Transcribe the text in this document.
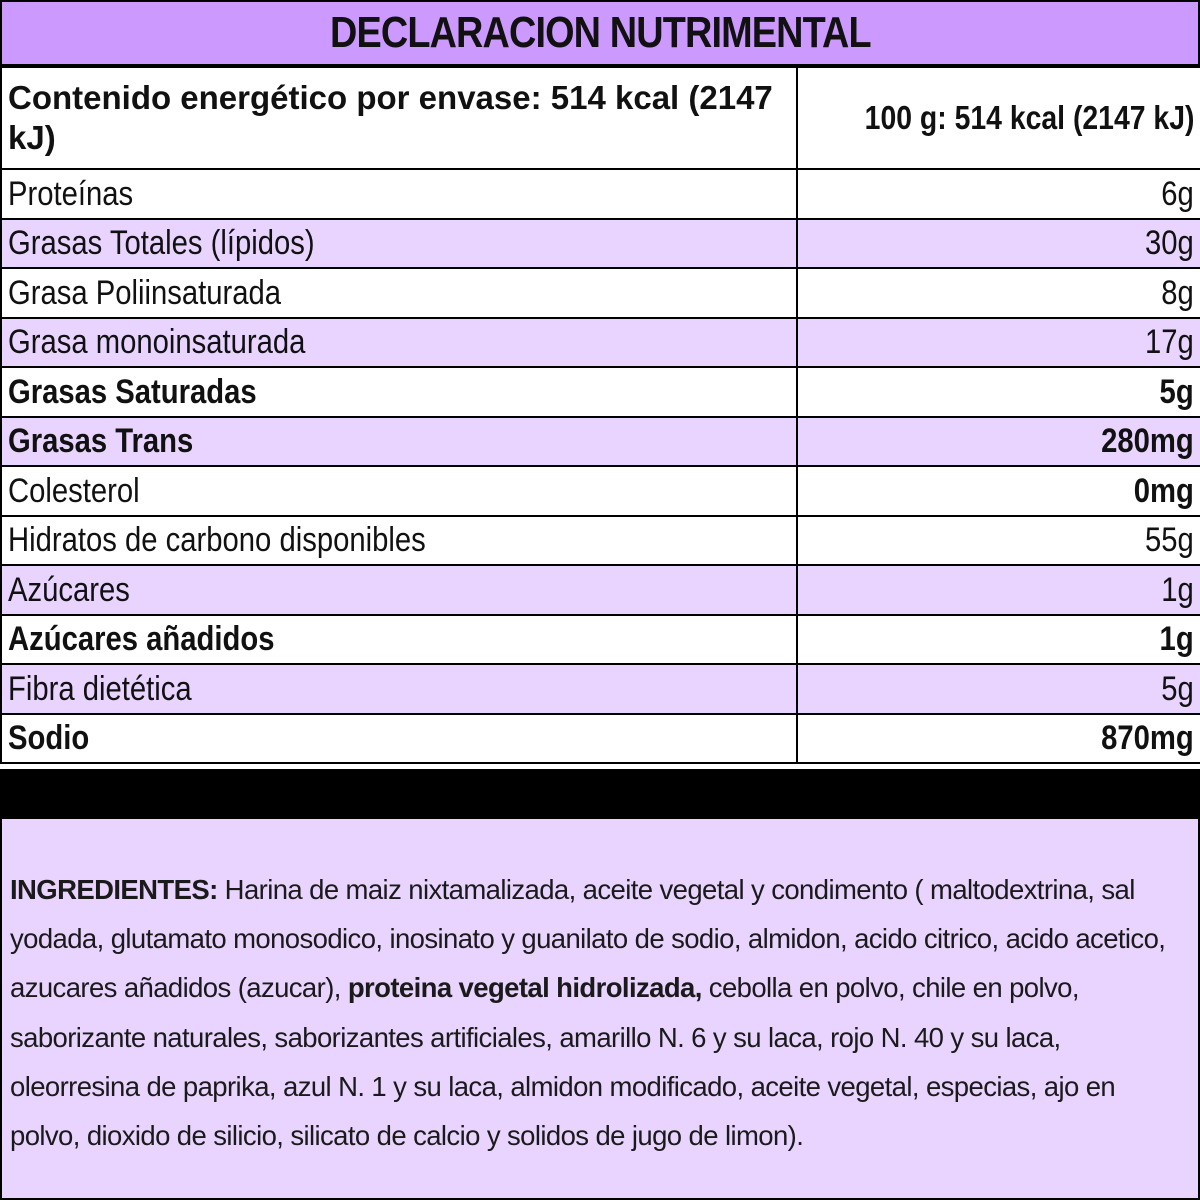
DECLARACION NUTRIMENTAL
Contenido energético por envase: 514 kcal (2147 kJ)	100 g: 514 kcal (2147 kJ)
Proteínas	6g
Grasas Totales (lípidos)	30g
Grasa Poliinsaturada	8g
Grasa monoinsaturada	17g
Grasas Saturadas	5g
Grasas Trans	280mg
Colesterol	0mg
Hidratos de carbono disponibles	55g
Azúcares	1g
Azúcares añadidos	1g
Fibra dietética	5g
Sodio	870mg
INGREDIENTES: Harina de maiz nixtamalizada, aceite vegetal y condimento ( maltodextrina, sal yodada, glutamato monosodico, inosinato y guanilato de sodio, almidon, acido citrico, acido acetico, azucares añadidos (azucar), proteina vegetal hidrolizada, cebolla en polvo, chile en polvo, saborizante naturales, saborizantes artificiales, amarillo N. 6 y su laca, rojo N. 40 y su laca, oleorresina de paprika, azul N. 1 y su laca, almidon modificado, aceite vegetal, especias, ajo en polvo, dioxido de silicio, silicato de calcio y solidos de jugo de limon).
